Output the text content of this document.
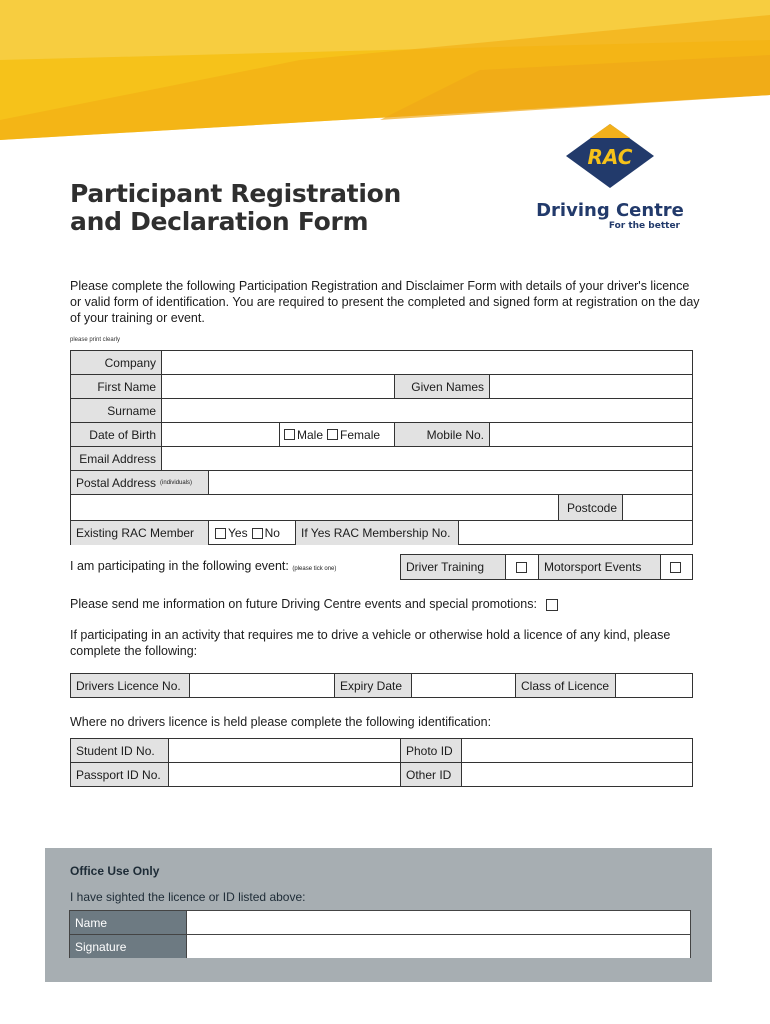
Participant Registration
and Declaration Form
RAC
Driving Centre
For the better
Please complete the following Participation Registration and Disclaimer Form with details of your driver's licence or valid form of identification. You are required to present the completed and signed form at registration on the day of your training or event.
please print clearly
Company
First Name	Given Names
Surname
Date of Birth	Male Female	Mobile No.
Email Address
Postal Address (individuals)
Postcode
Existing RAC Member	Yes No	If Yes RAC Membership No.
I am participating in the following event: (please tick one)	Driver Training	Motorsport Events
Please send me information on future Driving Centre events and special promotions:
If participating in an activity that requires me to drive a vehicle or otherwise hold a licence of any kind, please complete the following:
Drivers Licence No.	Expiry Date	Class of Licence
Where no drivers licence is held please complete the following identification:
Student ID No.	Photo ID
Passport ID No.	Other ID
Office Use Only
I have sighted the licence or ID listed above:
Name
Signature
